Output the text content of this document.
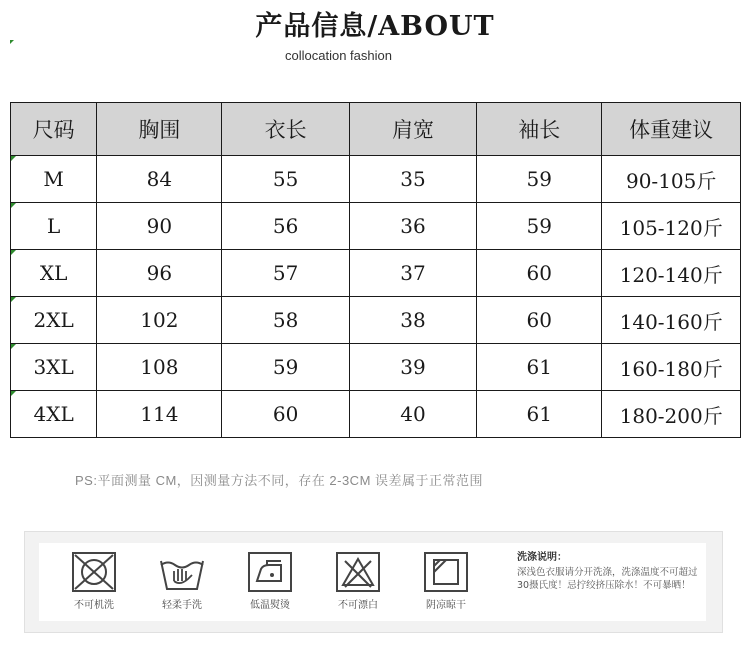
产品信息/ABOUT
collocation fashion
尺码	胸围	衣长	肩宽	袖长	体重建议
M	84	55	35	59	90-105斤
L	90	56	36	59	105-120斤
XL	96	57	37	60	120-140斤
2XL	102	58	38	60	140-160斤
3XL	108	59	39	61	160-180斤
4XL	114	60	40	61	180-200斤
PS:平面测量 CM，因测量方法不同，存在 2-3CM 误差属于正常范围
不可机洗	轻柔手洗	低温熨烫	不可漂白	阴凉晾干
洗涤说明：
深浅色衣服请分开洗涤，洗涤温度不可超过30摄氏度！忌拧绞挤压除水！不可暴晒！
